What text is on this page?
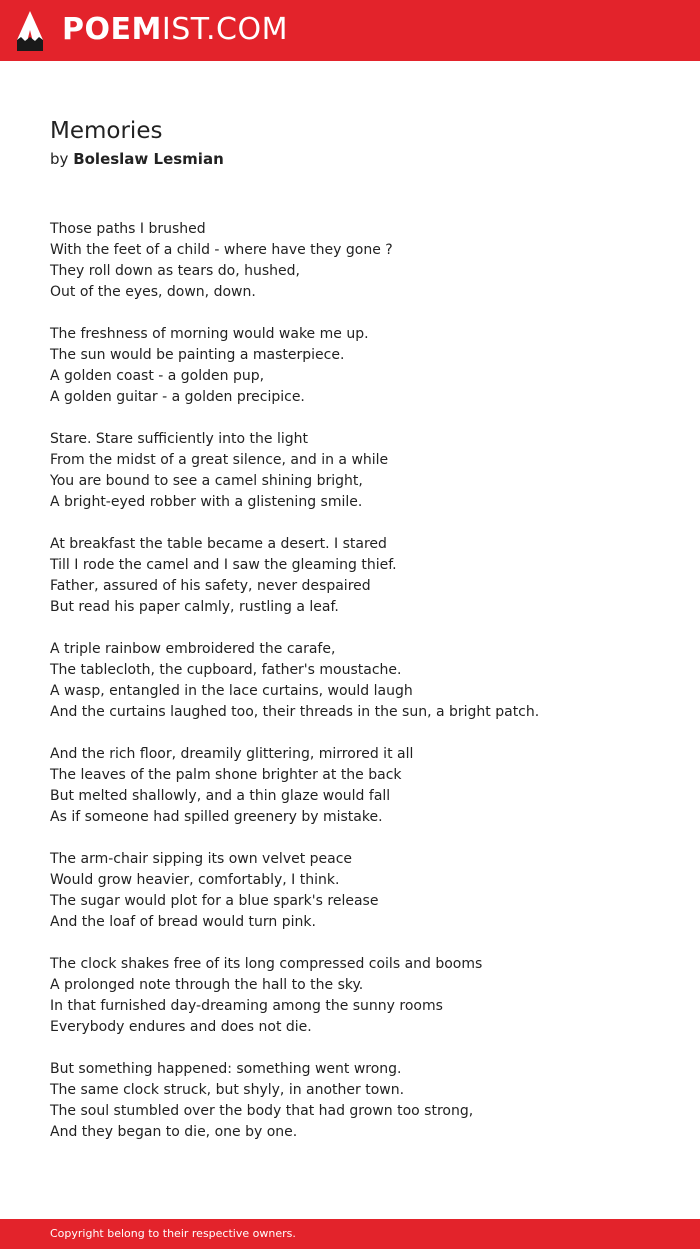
POEMIST.COM
Memories
by Boleslaw Lesmian
Those paths I brushed
With the feet of a child - where have they gone ?
They roll down as tears do, hushed,
Out of the eyes, down, down.
The freshness of morning would wake me up.
The sun would be painting a masterpiece.
A golden coast - a golden pup,
A golden guitar - a golden precipice.
Stare. Stare sufficiently into the light
From the midst of a great silence, and in a while
You are bound to see a camel shining bright,
A bright-eyed robber with a glistening smile.
At breakfast the table became a desert. I stared
Till I rode the camel and I saw the gleaming thief.
Father, assured of his safety, never despaired
But read his paper calmly, rustling a leaf.
A triple rainbow embroidered the carafe,
The tablecloth, the cupboard, father's moustache.
A wasp, entangled in the lace curtains, would laugh
And the curtains laughed too, their threads in the sun, a bright patch.
And the rich floor, dreamily glittering, mirrored it all
The leaves of the palm shone brighter at the back
But melted shallowly, and a thin glaze would fall
As if someone had spilled greenery by mistake.
The arm-chair sipping its own velvet peace
Would grow heavier, comfortably, I think.
The sugar would plot for a blue spark's release
And the loaf of bread would turn pink.
The clock shakes free of its long compressed coils and booms
A prolonged note through the hall to the sky.
In that furnished day-dreaming among the sunny rooms
Everybody endures and does not die.
But something happened: something went wrong.
The same clock struck, but shyly, in another town.
The soul stumbled over the body that had grown too strong,
And they began to die, one by one.
Copyright belong to their respective owners.
